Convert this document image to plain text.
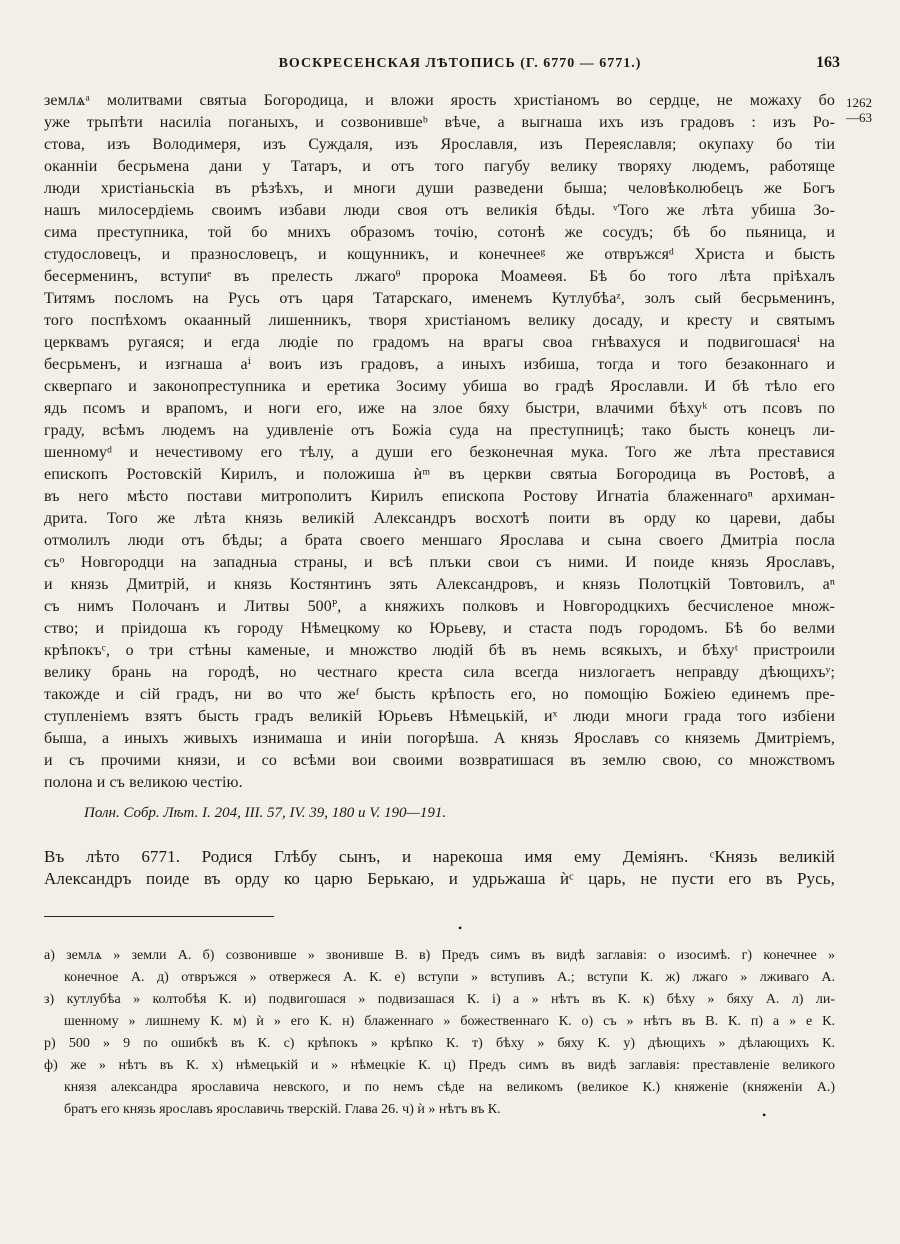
ВОСКРЕСЕНСКАЯ ЛѢТОПИСЬ (Г. 6770 — 6771.)	163
1262
—63
землѧᵃ молитвами святыа Богородица, и вложи ярость христіаномъ во сердце, не можаху бо
уже трьпѣти насиліа поганыхъ, и созвонившеᵇ вѣче, а выгнаша ихъ изъ градовъ : изъ Ро-
стова, изъ Володимеря, изъ Суждаля, изъ Ярославля, изъ Переяславля; окупаху бо тіи
оканніи бесрьмена дани у Татаръ, и отъ того пагубу велику творяху людемъ, работяще
люди христіаньскіа въ рѣзѣхъ, и многи души разведени быша; человѣколюбецъ же Богъ
нашъ милосердіемь своимъ избави люди своя отъ великія бѣды. ᵛТого же лѣта убиша Зо-
сима преступника, той бо мнихъ образомъ точію, сотонѣ же сосудъ; бѣ бо пьяница, и
студословецъ, и празнословецъ, и кощунникъ, и конечнееᵍ же отвръжсяᵈ Христа и бысть
бесерменинъ, вступиᵉ въ прелесть лжагоᶿ пророка Моамеѳя. Бѣ бо того лѣта пріѣхалъ
Титямъ посломъ на Русь отъ царя Татарскаго, именемъ Кутлубѣаᶻ, золъ сый бесрьменинъ,
того поспѣхомъ окаанный лишенникъ, творя христіаномъ велику досаду, и кресту и святымъ
церквамъ ругаяся; и егда людіе по градомъ на врагы своа гнѣвахуся и подвигошасяⁱ на
бесрьменъ, и изгнаша аⁱ воиъ изъ градовъ, а иныхъ избиша, тогда и того безаконнаго и
скверпаго и законопреступника и еретика Зосиму убиша во градѣ Ярославли. И бѣ тѣло его
ядь псомъ и врапомъ, и ноги его, иже на злое бяху быстри, влачими бѣхуᵏ отъ псовъ по
граду, всѣмъ людемъ на удивленіе отъ Божіа суда на преступницѣ; тако бысть конецъ ли-
шенномуᵈ и нечестивому его тѣлу, а души его безконечная мука. Того же лѣта преставися
епископъ Ростовскій Кирилъ, и положиша ѝᵐ въ церкви святыа Богородица въ Ростовѣ, а
въ него мѣсто постави митрополитъ Кирилъ епископа Ростову Игнатіа блаженнагоⁿ архиман-
дрита. Того же лѣта князь великій Александръ восхотѣ поити въ орду ко цареви, дабы
отмолилъ люди отъ бѣды; а брата своего меншаго Ярослава и сына своего Дмитріа посла
съᵒ Новгородци на западныа страны, и всѣ плъки свои съ ними. И поиде князь Ярославъ,
и князь Дмитрій, и князь Костянтинъ зять Александровъ, и князь Полотцкій Товтовилъ, аⁿ
съ нимъ Полочанъ и Литвы 500ᴾ, а княжихъ полковъ и Новгородцкихъ бесчисленое множ-
ство; и пріидоша къ городу Нѣмецкому ко Юрьеву, и стаста подъ городомъ. Бѣ бо велми
крѣпокъᶜ, о три стѣны каменые, и множство людій бѣ въ немь всякыхъ, и бѣхуᵗ пристроили
велику брань на городѣ, но честнаго креста сила всегда низлогаетъ неправду дѣющихъʸ;
такожде и сій градъ, ни во что жеᶠ бысть крѣпость его, но помощію Божіею единемъ пре-
ступленіемъ взятъ бысть градъ великій Юрьевъ Нѣмецькій, иˣ люди многи града того избіени
быша, а иныхъ живыхъ изнимаша и иніи погорѣша. А князь Ярославъ со княземь Дмитріемъ,
и съ прочими князи, и со всѣми вои своими возвратишася въ землю свою, со множствомъ
полона и съ великою честію.
Полн. Собр. Лѣт. I. 204, III. 57, IV. 39, 180 и V. 190—191.
Въ лѣто 6771. Родися Глѣбу сынъ, и нарекоша имя ему Деміянъ. ᶜКнязь великій
Александръ поиде въ орду ко царю Берькаю, и удрьжаша ѝᶜ царь, не пусти его въ Русь,
•
а) землѧ » земли А. б) созвонивше » звонивше В. в) Предъ симъ въ видѣ заглавія: о изосимѣ. г) конечнее »
конечное А. д) отвръжся » отвержеся А. К. е) вступи » вступивъ А.; вступи К. ж) лжаго » лживаго А.
з) кутлубѣа » колтобѣя К. и) подвигошася » подвизашася К. і) а » нѣтъ въ К. к) бѣху » бяху А. л) ли-
шенному » лишнему К. м) ѝ » его К. н) блаженнаго » божественнаго К. о) съ » нѣтъ въ В. К. п) а » е К.
р) 500 » 9 по ошибкѣ въ К. с) крѣпокъ » крѣпко К. т) бѣху » бяху К. у) дѣющихъ » дѣлающихъ К.
ф) же » нѣтъ въ К. х) нѣмецькій и » нѣмецкіе К. ц) Предъ симъ въ видѣ заглавія: преставленіе великого
князя александра ярославича невского, и по немъ сѣде на великомъ (великое К.) княженіе (княженіи А.)
братъ его князь ярославъ ярославичь тверскій. Глава 26. ч) ѝ » нѣтъ въ К.	•
